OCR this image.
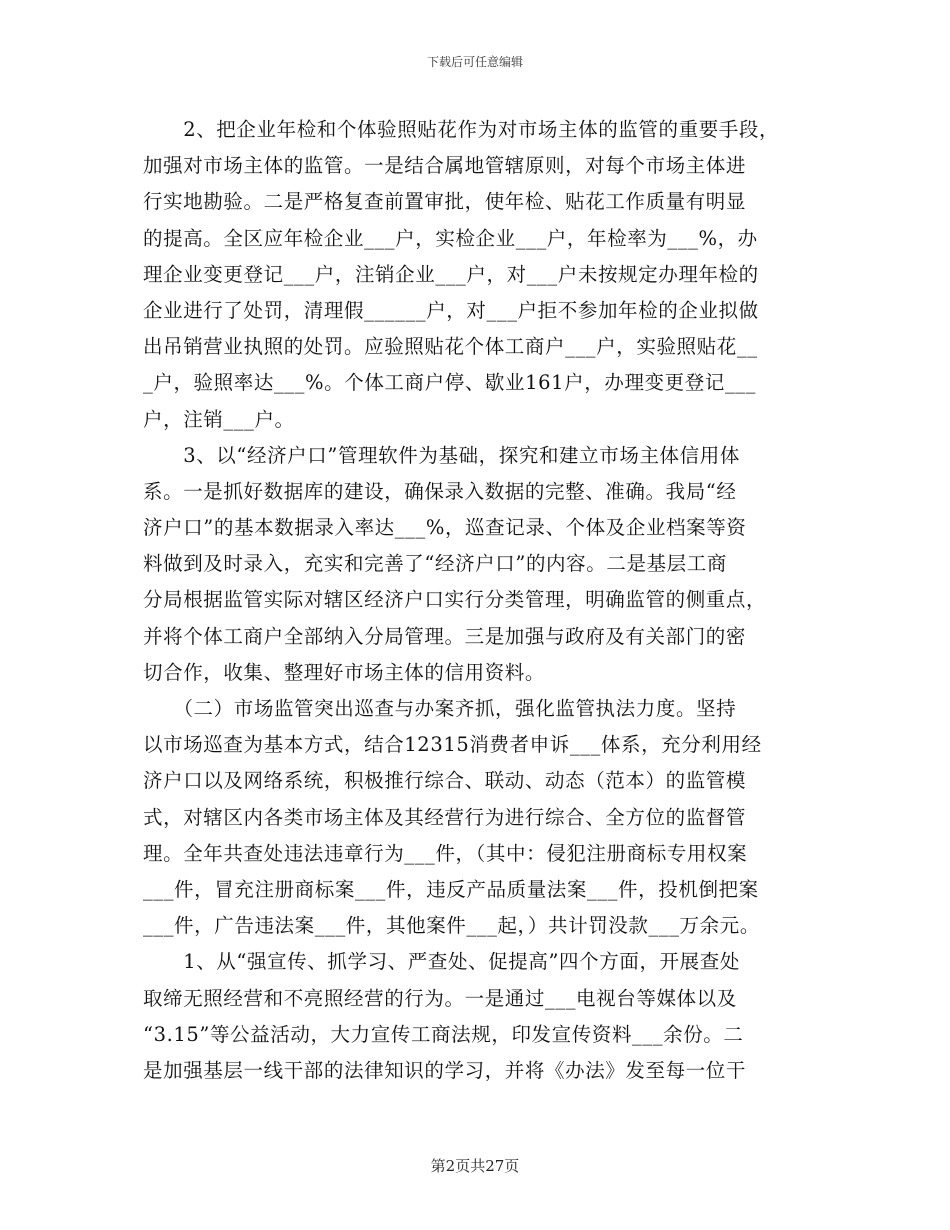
下载后可任意编辑
　　2、把企业年检和个体验照贴花作为对市场主体的监管的重要手段，
加强对市场主体的监管。一是结合属地管辖原则，对每个市场主体进
行实地勘验。二是严格复查前置审批，使年检、贴花工作质量有明显
的提高。全区应年检企业___户，实检企业___户，年检率为___%，办
理企业变更登记___户，注销企业___户，对___户未按规定办理年检的
企业进行了处罚，清理假______户，对___户拒不参加年检的企业拟做
出吊销营业执照的处罚。应验照贴花个体工商户___户，实验照贴花__
_户，验照率达___%。个体工商户停、歇业161户，办理变更登记___
户，注销___户。
　　3、以“经济户口”管理软件为基础，探究和建立市场主体信用体
系。一是抓好数据库的建设，确保录入数据的完整、准确。我局“经
济户口”的基本数据录入率达___%，巡查记录、个体及企业档案等资
料做到及时录入，充实和完善了“经济户口”的内容。二是基层工商
分局根据监管实际对辖区经济户口实行分类管理，明确监管的侧重点，
并将个体工商户全部纳入分局管理。三是加强与政府及有关部门的密
切合作，收集、整理好市场主体的信用资料。
　　（二）市场监管突出巡查与办案齐抓，强化监管执法力度。坚持
以市场巡查为基本方式，结合12315消费者申诉___体系，充分利用经
济户口以及网络系统，积极推行综合、联动、动态（范本）的监管模
式，对辖区内各类市场主体及其经营行为进行综合、全方位的监督管
理。全年共查处违法违章行为___件，（其中：侵犯注册商标专用权案
___件，冒充注册商标案___件，违反产品质量法案___件，投机倒把案
___件，广告违法案___件，其他案件___起，）共计罚没款___万余元。
　　1、从“强宣传、抓学习、严查处、促提高”四个方面，开展查处
取缔无照经营和不亮照经营的行为。一是通过___电视台等媒体以及
“3.15”等公益活动，大力宣传工商法规，印发宣传资料___余份。二
是加强基层一线干部的法律知识的学习，并将《办法》发至每一位干
第2页共27页
